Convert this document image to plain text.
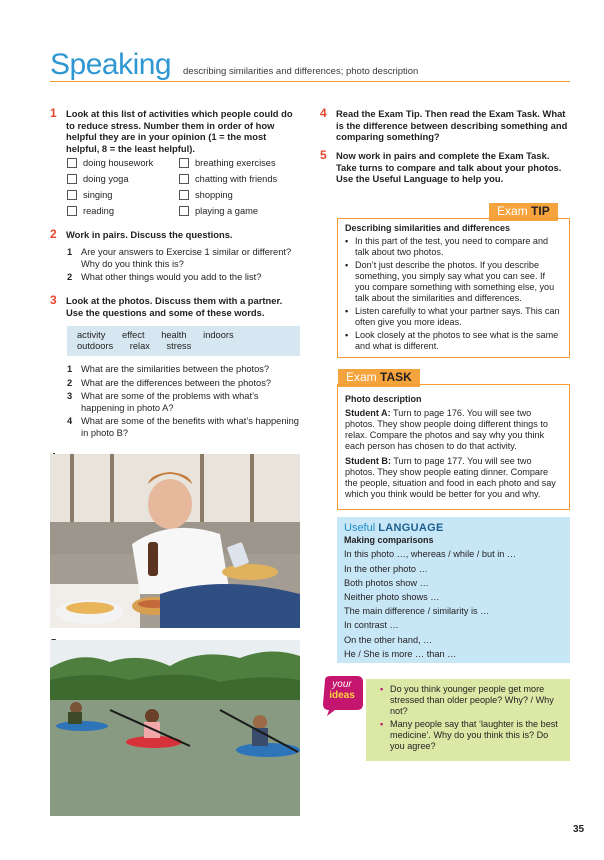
Speaking describing similarities and differences; photo description
1 Look at this list of activities which people could do to reduce stress. Number them in order of how helpful they are in your opinion (1 = the most helpful, 8 = the least helpful).
doing housework
doing yoga
singing
reading
breathing exercises
chatting with friends
shopping
playing a game
2 Work in pairs. Discuss the questions.
1 Are your answers to Exercise 1 similar or different? Why do you think this is?
2 What other things would you add to the list?
3 Look at the photos. Discuss them with a partner. Use the questions and some of these words.
activity effect health indoors
outdoors relax stress
1 What are the similarities between the photos?
2 What are the differences between the photos?
3 What are some of the problems with what’s happening in photo A?
4 What are some of the benefits with what’s happening in photo B?
4 Read the Exam Tip. Then read the Exam Task. What is the difference between describing something and comparing something?
5 Now work in pairs and complete the Exam Task. Take turns to compare and talk about your photos. Use the Useful Language to help you.
Exam TIP
Describing similarities and differences
• In this part of the test, you need to compare and talk about two photos.
• Don’t just describe the photos. If you describe something, you simply say what you can see. If you compare something with something else, you talk about the similarities and differences.
• Listen carefully to what your partner says. This can often give you more ideas.
• Look closely at the photos to see what is the same and what is different.
Exam TASK
Photo description

Student A: Turn to page 176. You will see two photos. They show people doing different things to relax. Compare the photos and say why you think each person has chosen to do that activity.

Student B: Turn to page 177. You will see two photos. They show people eating dinner. Compare the people, situation and food in each photo and say which you think would be better for you and why.

Useful LANGUAGE
Making comparisons
In this photo …, whereas / while / but in …
In the other photo …
Both photos show …
Neither photo shows …
The main difference / similarity is …
In contrast …
On the other hand, …
He / She is more … than …
• Do you think younger people get more stressed than older people? Why? / Why not?
• Many people say that ‘laughter is the best medicine’. Why do you think this is? Do you agree?
your
ideas
35
